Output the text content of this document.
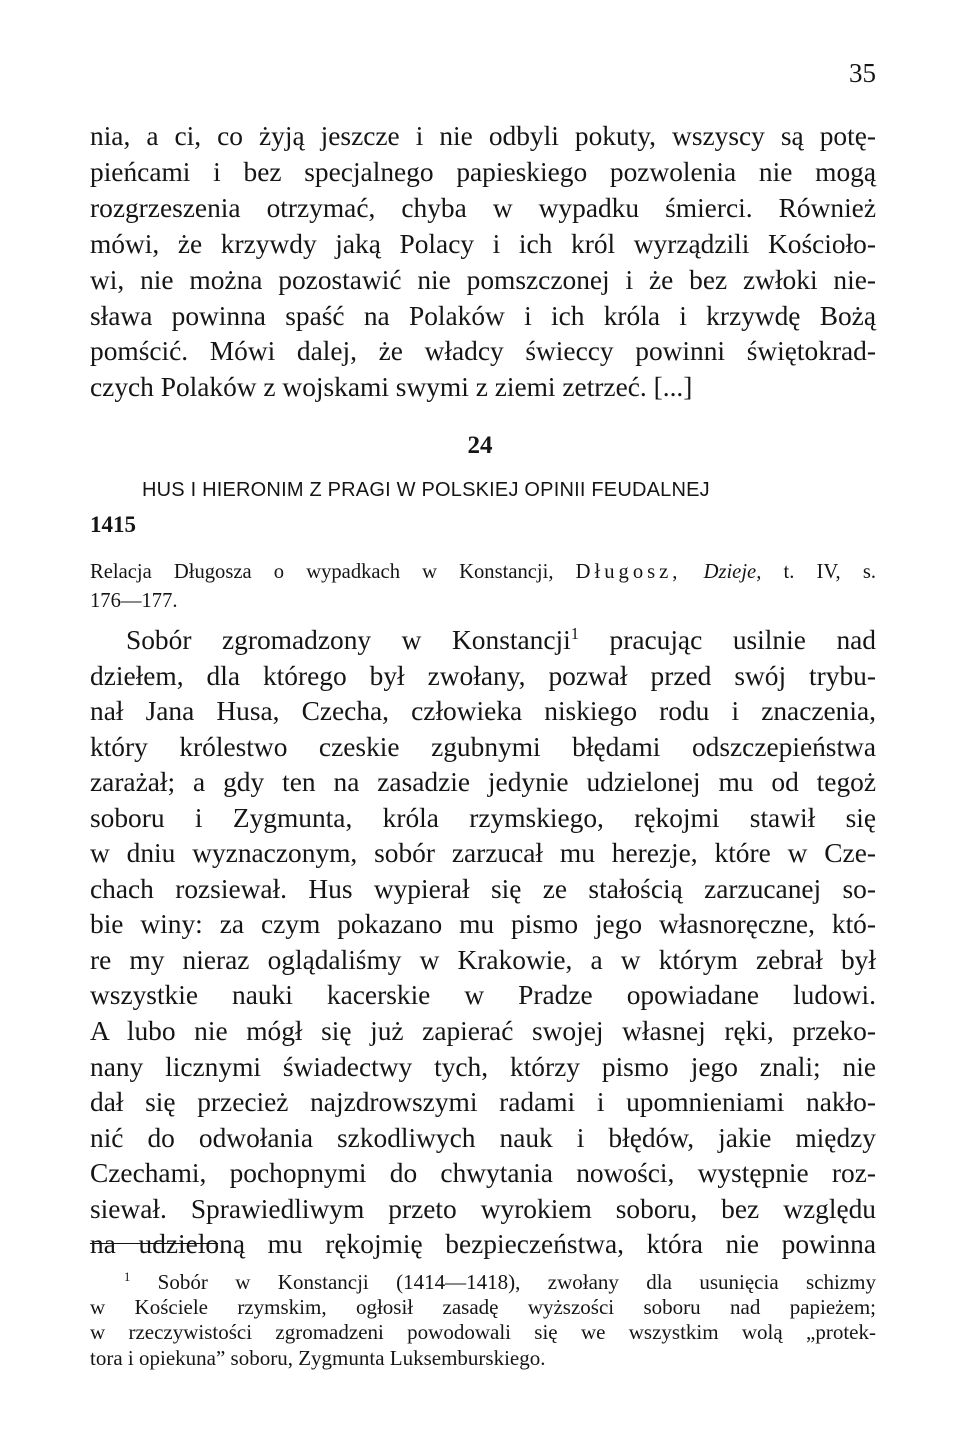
35
nia, a ci, co żyją jeszcze i nie odbyli pokuty, wszyscy są potę-
pieńcami i bez specjalnego papieskiego pozwolenia nie mogą
rozgrzeszenia otrzymać, chyba w wypadku śmierci. Również
mówi, że krzywdy jaką Polacy i ich król wyrządzili Kościoło-
wi, nie można pozostawić nie pomszczonej i że bez zwłoki nie-
sława powinna spaść na Polaków i ich króla i krzywdę Bożą
pomścić. Mówi dalej, że władcy świeccy powinni świętokrad-
czych Polaków z wojskami swymi z ziemi zetrzeć. [...]
24
HUS I HIERONIM Z PRAGI W POLSKIEJ OPINII FEUDALNEJ
1415
Relacja Długosza o wypadkach w Konstancji, Długosz, Dzieje, t. IV, s.
176—177.
Sobór zgromadzony w Konstancji$^1$ pracując usilnie nad
dziełem, dla którego był zwołany, pozwał przed swój trybu-
nał Jana Husa, Czecha, człowieka niskiego rodu i znaczenia,
który królestwo czeskie zgubnymi błędami odszczepieństwa
zarażał; a gdy ten na zasadzie jedynie udzielonej mu od tegoż
soboru i Zygmunta, króla rzymskiego, rękojmi stawił się
w dniu wyznaczonym, sobór zarzucał mu herezje, które w Cze-
chach rozsiewał. Hus wypierał się ze stałością zarzucanej so-
bie winy: za czym pokazano mu pismo jego własnoręczne, któ-
re my nieraz oglądaliśmy w Krakowie, a w którym zebrał był
wszystkie nauki kacerskie w Pradze opowiadane ludowi.
A lubo nie mógł się już zapierać swojej własnej ręki, przeko-
nany licznymi świadectwy tych, którzy pismo jego znali; nie
dał się przecież najzdrowszymi radami i upomnieniami nakło-
nić do odwołania szkodliwych nauk i błędów, jakie między
Czechami, pochopnymi do chwytania nowości, występnie roz-
siewał. Sprawiedliwym przeto wyrokiem soboru, bez względu
na udzieloną mu rękojmię bezpieczeństwa, która nie powinna
$^1$ Sobór w Konstancji (1414—1418), zwołany dla usunięcia schizmy
w Kościele rzymskim, ogłosił zasadę wyższości soboru nad papieżem;
w rzeczywistości zgromadzeni powodowali się we wszystkim wolą „protek-
tora i opiekuna” soboru, Zygmunta Luksemburskiego.
